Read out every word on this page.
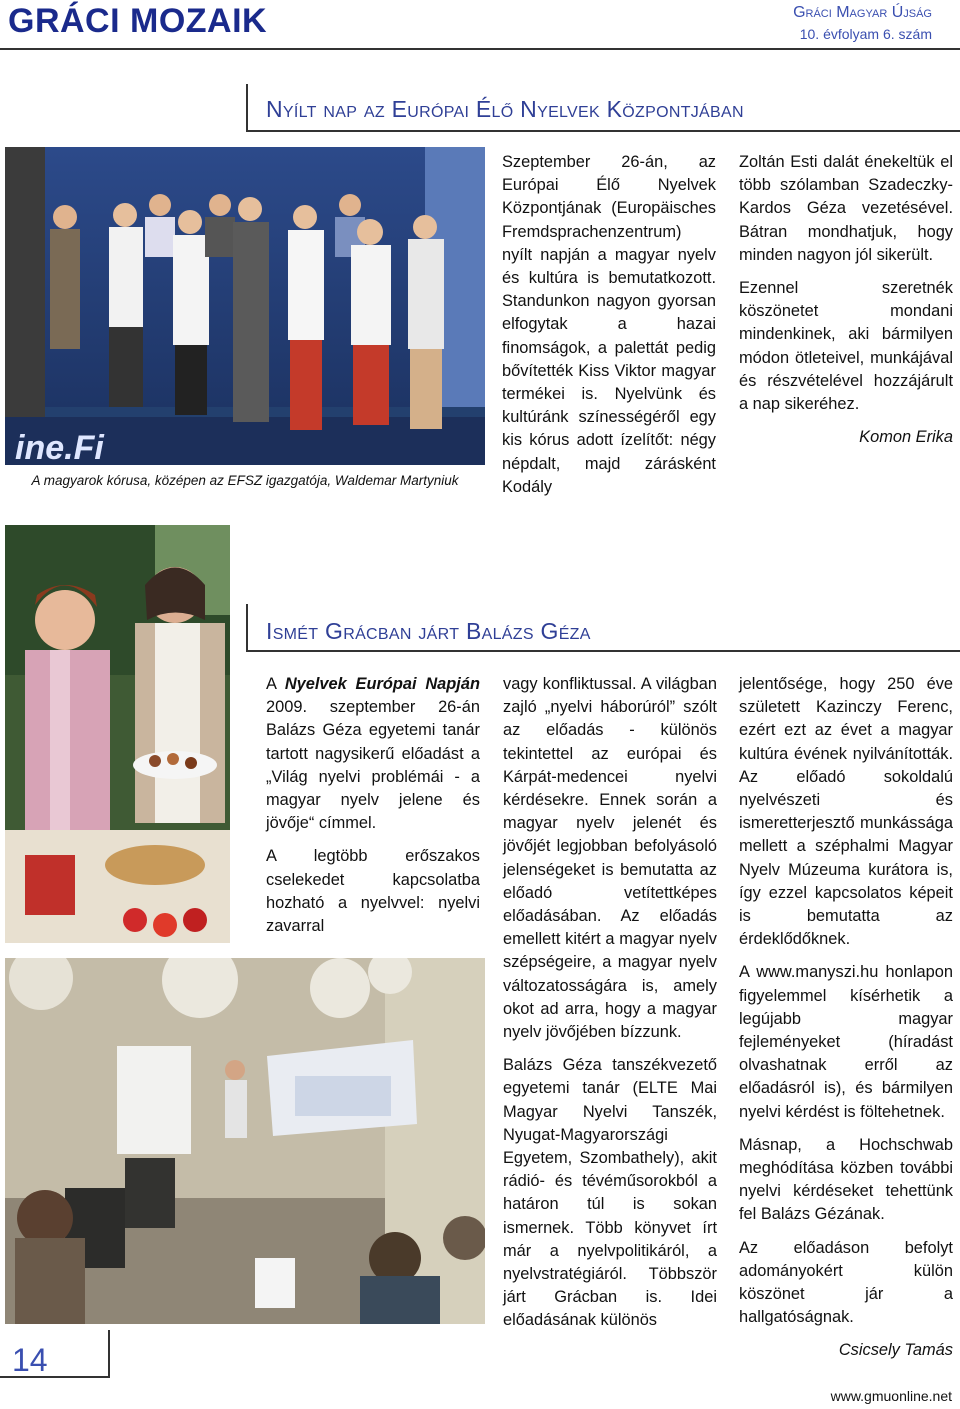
GRÁCI MOZAIK	Gráci Magyar Újság
10. évfolyam 6. szám
Nyílt nap az Európai Élő Nyelvek Központjában
ine.Fi
A magyarok kórusa, középen az EFSZ igazgatója, Waldemar Martyniuk

Szeptember 26-án, az Európai Élő Nyelvek Központjának (Europäisches Fremdsprachenzentrum) nyílt napján a magyar nyelv és kultúra is bemutatkozott. Standunkon nagyon gyorsan elfogytak a hazai finomságok, a palettát pedig bővítették Kiss Viktor magyar termékei is. Nyelvünk és kultúránk színességéről egy kis kórus adott ízelítőt: négy népdalt, majd zárásként Kodály

Zoltán Esti dalát énekeltük el több szólamban Szadeczky-Kardos Géza vezetésével. Bátran mondhatjuk, hogy minden nagyon jól sikerült.

Ezennel szeretnék köszönetet mondani mindenkinek, aki bármilyen módon ötleteivel, munkájával és részvételével hozzájárult a nap sikeréhez.

Komon Erika
Ismét Grácban járt Balázs Géza

A Nyelvek Európai Napján 2009. szeptember 26-án Balázs Géza egyetemi tanár tartott nagysikerű előadást a „Világ nyelvi problémái - a magyar nyelv jelene és jövője“ címmel.

A legtöbb erőszakos cselekedet kapcsolatba hozható a nyelvvel: nyelvi zavarral

vagy konfliktussal. A világban zajló „nyelvi háborúról” szólt az előadás - különös tekintettel az európai és Kárpát-medencei nyelvi kérdésekre. Ennek során a magyar nyelv jelenét és jövőjét legjobban befolyásoló jelenségeket is bemutatta az előadó vetítettképes előadásában. Az előadás emellett kitért a magyar nyelv szépségeire, a magyar nyelv változatosságára is, amely okot ad arra, hogy a magyar nyelv jövőjében bízzunk.

Balázs Géza tanszékvezető egyetemi tanár (ELTE Mai Magyar Nyelvi Tanszék, Nyugat-Magyarországi Egyetem, Szombathely), akit rádió- és tévéműsorokból a határon túl is sokan ismernek. Több könyvet írt már a nyelvpolitikáról, a nyelvstratégiáról. Többször járt Grácban is. Idei előadásának különös

jelentősége, hogy 250 éve született Kazinczy Ferenc, ezért ezt az évet a magyar kultúra évének nyilvánították. Az előadó sokoldalú nyelvészeti és ismeretterjesztő munkássága mellett a széphalmi Magyar Nyelv Múzeuma kurátora is, így ezzel kapcsolatos képeit is bemutatta az érdeklődőknek.

A www.manyszi.hu honlapon figyelemmel kísérhetik a legújabb magyar fejleményeket (híradást olvashatnak erről az előadásról is), és bármilyen nyelvi kérdést is föltehetnek.

Másnap, a Hochschwab meghódítása közben további nyelvi kérdéseket tehettünk fel Balázs Gézának.

Az előadáson befolyt adományokért külön köszönet jár a hallgatóságnak.

Csicsely Tamás
14
www.gmuonline.net
